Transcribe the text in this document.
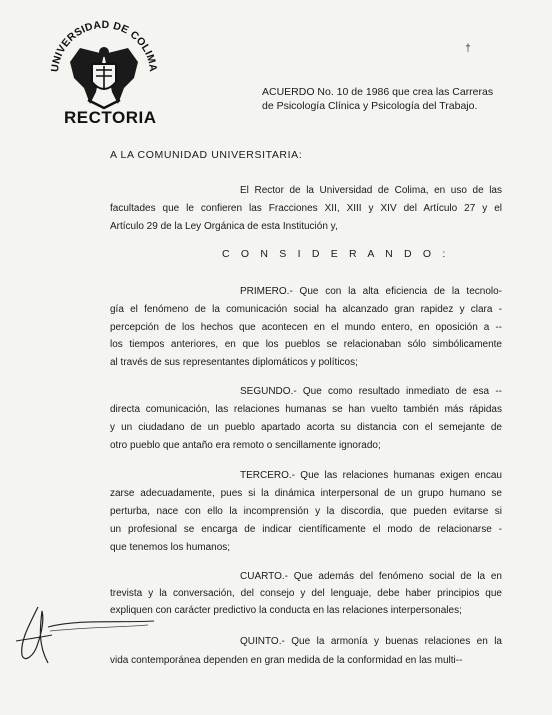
UNIVERSIDAD DE COLIMA
RECTORIA
†
ACUERDO No. 10 de 1986 que crea las Carreras
de Psicología Clínica y Psicología del Trabajo.
A LA COMUNIDAD UNIVERSITARIA:
El Rector de la Universidad de Colima, en uso de las
facultades que le confieren las Fracciones XII, XIII y XIV del Artículo 27 y el
Artículo 29 de la Ley Orgánica de esta Institución y,
C O N S I D E R A N D O :
PRIMERO.- Que con la alta eficiencia de la tecnolo-
gía el fenómeno de la comunicación social ha alcanzado gran rapidez y clara -
percepción de los hechos que acontecen en el mundo entero, en oposición a --
los tiempos anteriores, en que los pueblos se relacionaban sólo simbólicamente
al través de sus representantes diplomáticos y políticos;
SEGUNDO.- Que como resultado inmediato de esa --
directa comunicación, las relaciones humanas se han vuelto también más rápidas
y un ciudadano de un pueblo apartado acorta su distancia con el semejante de
otro pueblo que antaño era remoto o sencillamente ignorado;
TERCERO.- Que las relaciones humanas exigen encau
zarse adecuadamente, pues si la dinámica interpersonal de un grupo humano se
perturba, nace con ello la incomprensión y la discordia, que pueden evitarse si
un profesional se encarga de indicar científicamente el modo de relacionarse -
que tenemos los humanos;
CUARTO.- Que además del fenómeno social de la en
trevista y la conversación, del consejo y del lenguaje, debe haber principios que
expliquen con carácter predictivo la conducta en las relaciones interpersonales;
QUINTO.- Que la armonía y buenas relaciones en la
vida contemporánea dependen en gran medida de la conformidad en las multi--
